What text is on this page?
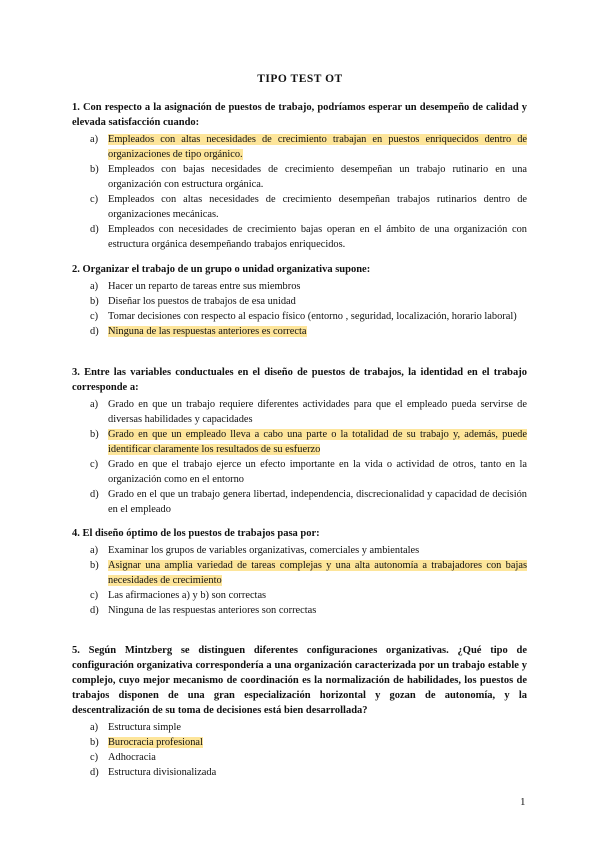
TIPO TEST OT
1. Con respecto a la asignación de puestos de trabajo, podríamos esperar un desempeño de calidad y elevada satisfacción cuando:
a) Empleados con altas necesidades de crecimiento trabajan en puestos enriquecidos dentro de organizaciones de tipo orgánico.
b) Empleados con bajas necesidades de crecimiento desempeñan un trabajo rutinario en una organización con estructura orgánica.
c) Empleados con altas necesidades de crecimiento desempeñan trabajos rutinarios dentro de organizaciones mecánicas.
d) Empleados con necesidades de crecimiento bajas operan en el ámbito de una organización con estructura orgánica desempeñando trabajos enriquecidos.
2. Organizar el trabajo de un grupo o unidad organizativa supone:
a) Hacer un reparto de tareas entre sus miembros
b) Diseñar los puestos de trabajos de esa unidad
c) Tomar decisiones con respecto al espacio físico (entorno , seguridad, localización, horario laboral)
d) Ninguna de las respuestas anteriores es correcta
3. Entre las variables conductuales en el diseño de puestos de trabajos, la identidad en el trabajo corresponde a:
a) Grado en que un trabajo requiere diferentes actividades para que el empleado pueda servirse de diversas habilidades y capacidades
b) Grado en que un empleado lleva a cabo una parte o la totalidad de su trabajo y, además, puede identificar claramente los resultados de su esfuerzo
c) Grado en que el trabajo ejerce un efecto importante en la vida o actividad de otros, tanto en la organización como en el entorno
d) Grado en el que un trabajo genera libertad, independencia, discrecionalidad y capacidad de decisión en el empleado
4. El diseño óptimo de los puestos de trabajos pasa por:
a) Examinar los grupos de variables organizativas, comerciales y ambientales
b) Asignar una amplia variedad de tareas complejas y una alta autonomía a trabajadores con bajas necesidades de crecimiento
c) Las afirmaciones a) y b) son correctas
d) Ninguna de las respuestas anteriores son correctas
5. Según Mintzberg se distinguen diferentes configuraciones organizativas. ¿Qué tipo de configuración organizativa correspondería a una organización caracterizada por un trabajo estable y complejo, cuyo mejor mecanismo de coordinación es la normalización de habilidades, los puestos de trabajos disponen de una gran especialización horizontal y gozan de autonomía, y la descentralización de su toma de decisiones está bien desarrollada?
a) Estructura simple
b) Burocracia profesional
c) Adhocracia
d) Estructura divisionalizada
1
